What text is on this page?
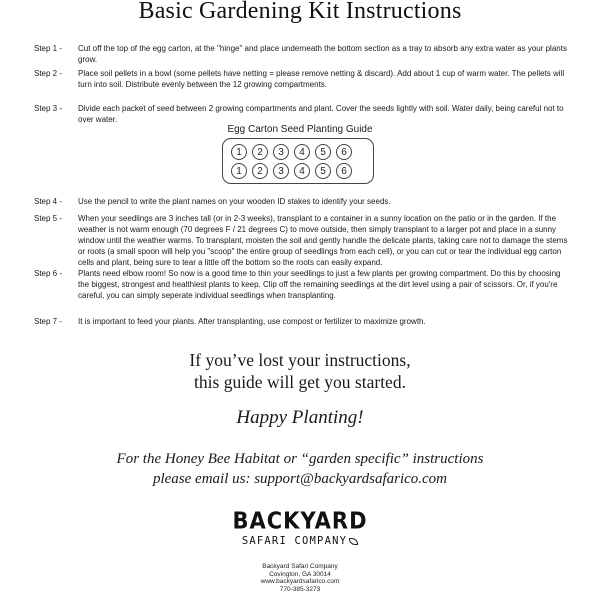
Basic Gardening Kit Instructions
Step 1 -	Cut off the top of the egg carton, at the "hinge" and place underneath the bottom section as a tray to absorb any extra water as your plants grow.
Step 2 -	Place soil pellets in a bowl (some pellets have netting = please remove netting & discard). Add about 1 cup of warm water. The pellets will turn into soil. Distribute evenly between the 12 growing compartments.
Step 3 -	Divide each packet of seed between 2 growing compartments and plant. Cover the seeds lightly with soil. Water daily, being careful not to over water.
Step 4 -	Use the pencil to write the plant names on your wooden ID stakes to identify your seeds.
Step 5 -	When your seedlings are 3 inches tall (or in 2-3 weeks), transplant to a container in a sunny location on the patio or in the garden. If the weather is not warm enough (70 degrees F / 21 degrees C) to move outside, then simply transplant to a larger pot and place in a sunny window until the weather warms. To transplant, moisten the soil and gently handle the delicate plants, taking care not to damage the stems or roots (a small spoon will help you "scoop" the entire group of seedlings from each cell), or you can cut or tear the individual egg carton cells and plant, being sure to tear a little off the bottom so the roots can easily expand.
Step 6 -	Plants need elbow room! So now is a good time to thin your seedlings to just a few plants per growing compartment. Do this by choosing the biggest, strongest and healthiest plants to keep. Clip off the remaining seedlings at the dirt level using a pair of scissors. Or, if you're careful, you can simply seperate individual seedlings when transplanting.
Step 7 -	It is important to feed your plants. After transplanting, use compost or fertilizer to maximize growth.
Egg Carton Seed Planting Guide
1	2	3	4	5	6
1	2	3	4	5	6
If you’ve lost your instructions,
this guide will get you started.
Happy Planting!
For the Honey Bee Habitat or “garden specific” instructions
please email us: support@backyardsafarico.com
BACKYARD
SAFARI COMPANY
Backyard Safari Company
Covington, GA 30014
www.backyardsafarico.com
770-385-3273
